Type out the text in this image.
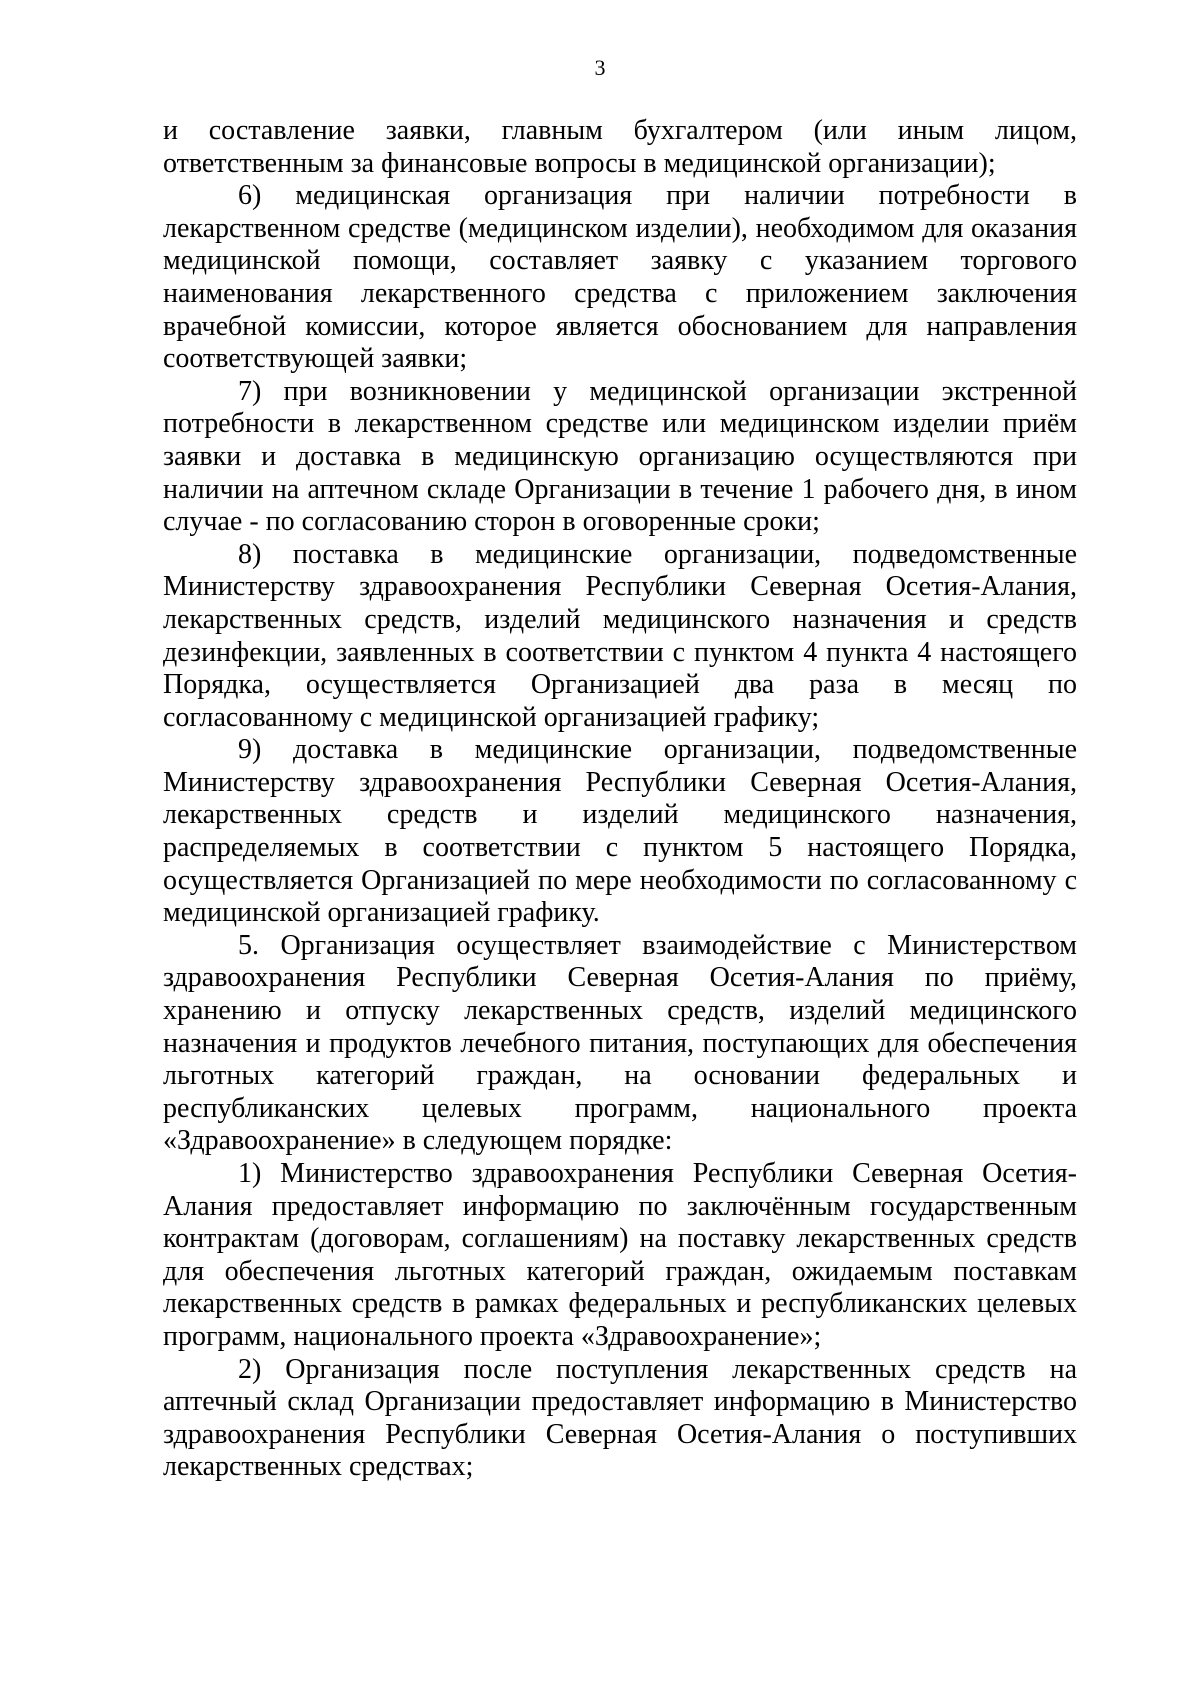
3

и составление заявки, главным бухгалтером (или иным лицом, ответственным за финансовые вопросы в медицинской организации);

6) медицинская организация при наличии потребности в лекарственном средстве (медицинском изделии), необходимом для оказания медицинской помощи, составляет заявку с указанием торгового наименования лекарственного средства с приложением заключения врачебной комиссии, которое является обоснованием для направления соответствующей заявки;

7) при возникновении у медицинской организации экстренной потребности в лекарственном средстве или медицинском изделии приём заявки и доставка в медицинскую организацию осуществляются при наличии на аптечном складе Организации в течение 1 рабочего дня, в ином случае - по согласованию сторон в оговоренные сроки;

8) поставка в медицинские организации, подведомственные Министерству здравоохранения Республики Северная Осетия-Алания, лекарственных средств, изделий медицинского назначения и средств дезинфекции, заявленных в соответствии с пунктом 4 пункта 4 настоящего Порядка, осуществляется Организацией два раза в месяц по согласованному с медицинской организацией графику;

9) доставка в медицинские организации, подведомственные Министерству здравоохранения Республики Северная Осетия-Алания, лекарственных средств и изделий медицинского назначения, распределяемых в соответствии с пунктом 5 настоящего Порядка, осуществляется Организацией по мере необходимости по согласованному с медицинской организацией графику.

5. Организация осуществляет взаимодействие с Министерством здравоохранения Республики Северная Осетия-Алания по приёму, хранению и отпуску лекарственных средств, изделий медицинского назначения и продуктов лечебного питания, поступающих для обеспечения льготных категорий граждан, на основании федеральных и республиканских целевых программ, национального проекта «Здравоохранение» в следующем порядке:

1) Министерство здравоохранения Республики Северная Осетия-Алания предоставляет информацию по заключённым государственным контрактам (договорам, соглашениям) на поставку лекарственных средств для обеспечения льготных категорий граждан, ожидаемым поставкам лекарственных средств в рамках федеральных и республиканских целевых программ, национального проекта «Здравоохранение»;

2) Организация после поступления лекарственных средств на аптечный склад Организации предоставляет информацию в Министерство здравоохранения Республики Северная Осетия-Алания о поступивших лекарственных средствах;
